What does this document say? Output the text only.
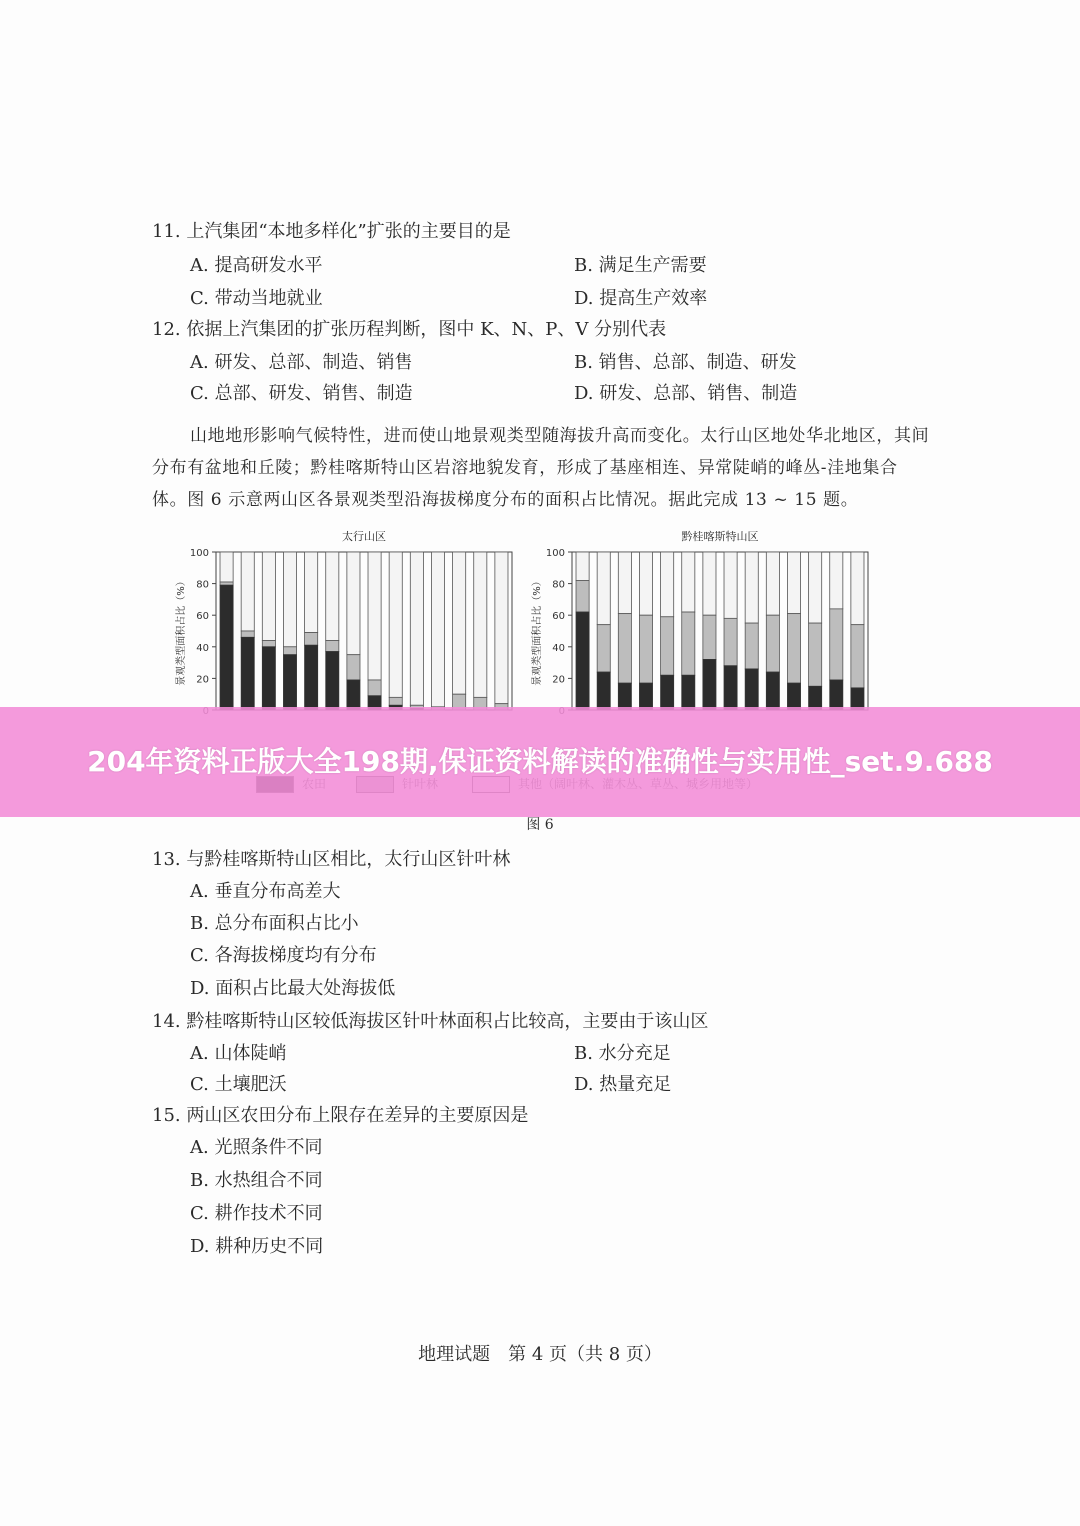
11. 上汽集团“本地多样化”扩张的主要目的是
A. 提高研发水平	B. 满足生产需要
C. 带动当地就业	D. 提高生产效率
12. 依据上汽集团的扩张历程判断，图中 K、N、P、V 分别代表
A. 研发、总部、制造、销售	B. 销售、总部、制造、研发
C. 总部、研发、销售、制造	D. 研发、总部、销售、制造
山地地形影响气候特性，进而使山地景观类型随海拔升高而变化。太行山区地处华北地区，其间分布有盆地和丘陵；黔桂喀斯特山区岩溶地貌发育，形成了基座相连、异常陡峭的峰丛-洼地集合体。图 6 示意两山区各景观类型沿海拔梯度分布的面积占比情况。据此完成 13 ~ 15 题。
太行山区	黔桂喀斯特山区
景观类型面积占比（%） 20
40
60
80
100
景观类型面积占比（%） 20
40
60
80
100
图 6
13. 与黔桂喀斯特山区相比，太行山区针叶林
A. 垂直分布高差大
B. 总分布面积占比小
C. 各海拔梯度均有分布
D. 面积占比最大处海拔低
14. 黔桂喀斯特山区较低海拔区针叶林面积占比较高，主要由于该山区
A. 山体陡峭	B. 水分充足
C. 土壤肥沃	D. 热量充足
15. 两山区农田分布上限存在差异的主要原因是
A. 光照条件不同
B. 水热组合不同
C. 耕作技术不同
D. 耕种历史不同
地理试题　第 4 页（共 8 页）
204年资料正版大全198期,保证资料解读的准确性与实用性_set.9.688
